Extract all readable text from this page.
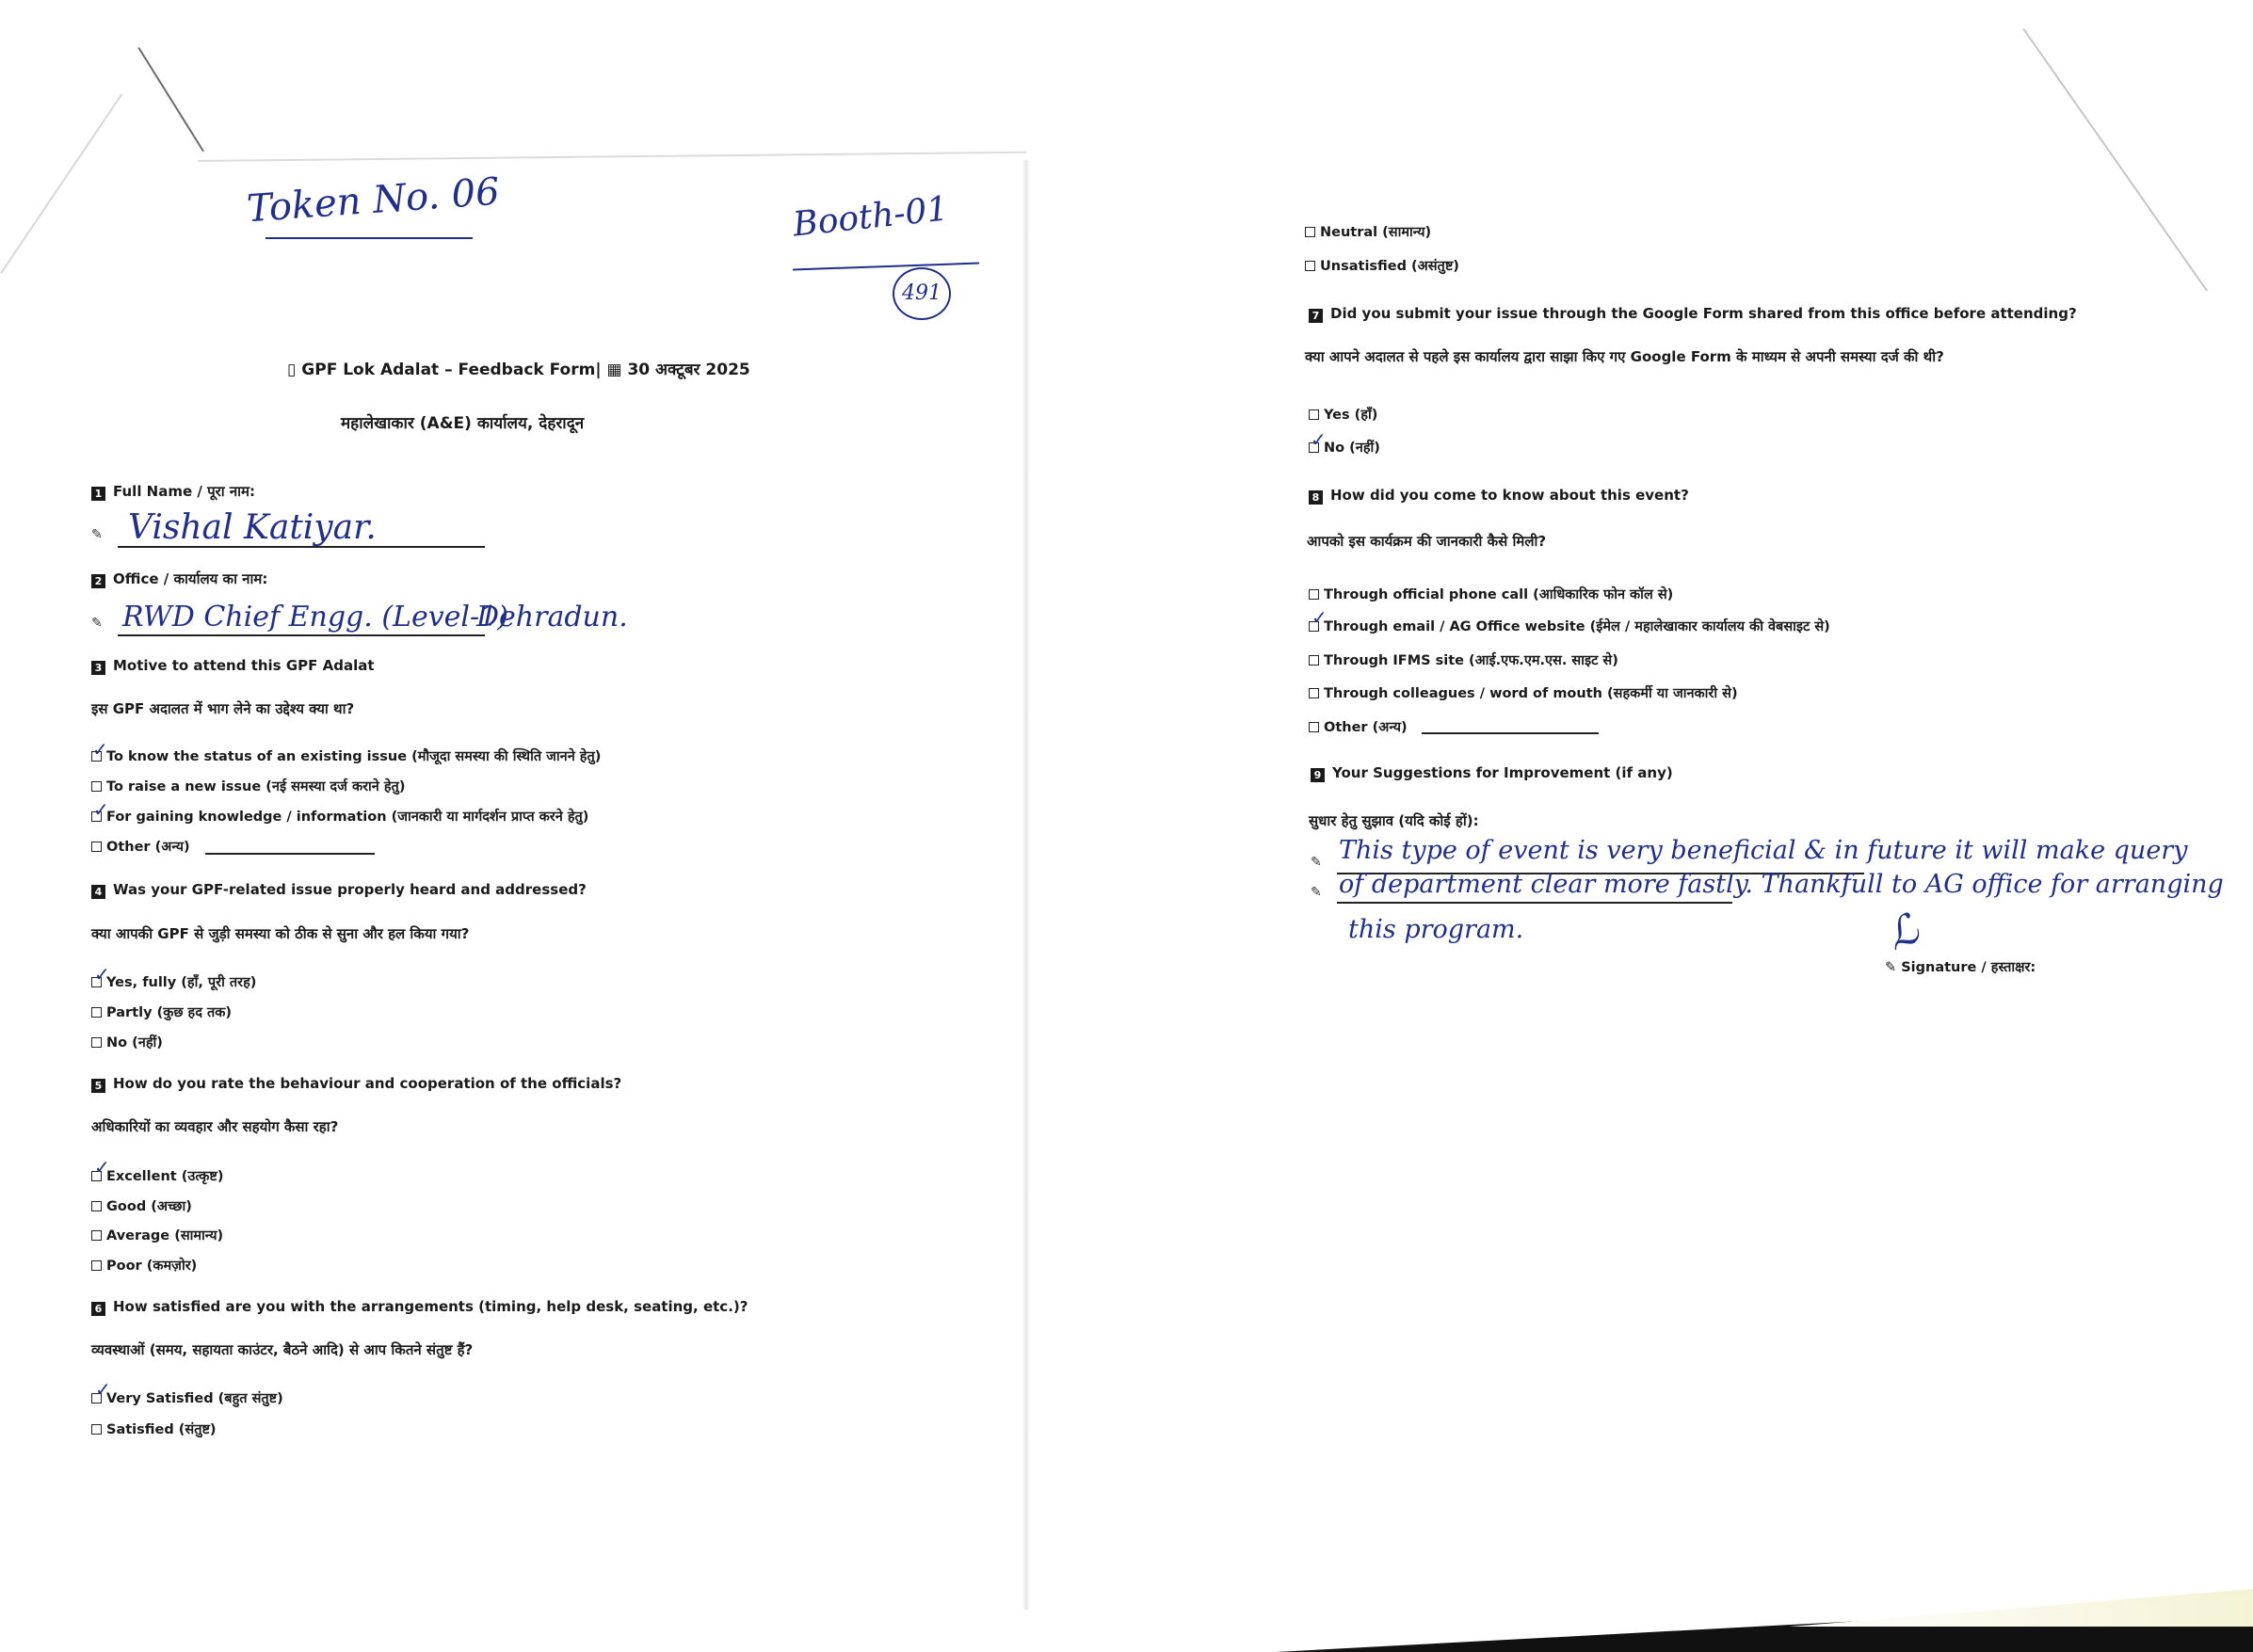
Token No. 06	Booth-01
491
▯ GPF Lok Adalat – Feedback Form| ▦ 30 अक्टूबर 2025
महालेखाकार (A&E) कार्यालय, देहरादून
1 Full Name / पूरा नाम:
✎ Vishal Katiyar.
2 Office / कार्यालय का नाम:
✎ RWD Chief Engg. (Level-1)
Dehradun.
3 Motive to attend this GPF Adalat
इस GPF अदालत में भाग लेने का उद्देश्य क्या था?
To know the status of an existing issue (मौजूदा समस्या की स्थिति जानने हेतु)
✓
To raise a new issue (नई समस्या दर्ज कराने हेतु)
For gaining knowledge / information (जानकारी या मार्गदर्शन प्राप्त करने हेतु)
✓
Other (अन्य)
4 Was your GPF-related issue properly heard and addressed?
क्या आपकी GPF से जुड़ी समस्या को ठीक से सुना और हल किया गया?
Yes, fully (हाँ, पूरी तरह)
✓
Partly (कुछ हद तक)
No (नहीं)
5 How do you rate the behaviour and cooperation of the officials?
अधिकारियों का व्यवहार और सहयोग कैसा रहा?
Excellent (उत्कृष्ट)
✓
Good (अच्छा)
Average (सामान्य)
Poor (कमज़ोर)
6 How satisfied are you with the arrangements (timing, help desk, seating, etc.)?
व्यवस्थाओं (समय, सहायता काउंटर, बैठने आदि) से आप कितने संतुष्ट हैं?
Very Satisfied (बहुत संतुष्ट)
✓
Satisfied (संतुष्ट)
Neutral (सामान्य)
Unsatisfied (असंतुष्ट)
7 Did you submit your issue through the Google Form shared from this office before attending?
क्या आपने अदालत से पहले इस कार्यालय द्वारा साझा किए गए Google Form के माध्यम से अपनी समस्या दर्ज की थी?
Yes (हाँ)
No (नहीं)
✓
8 How did you come to know about this event?
आपको इस कार्यक्रम की जानकारी कैसे मिली?
Through official phone call (आधिकारिक फोन कॉल से)
Through email / AG Office website (ईमेल / महालेखाकार कार्यालय की वेबसाइट से)
✓
Through IFMS site (आई.एफ.एम.एस. साइट से)
Through colleagues / word of mouth (सहकर्मी या जानकारी से)
Other (अन्य)
9 Your Suggestions for Improvement (if any)
सुधार हेतु सुझाव (यदि कोई हों):
✎
✎
This type of event is very beneficial & in future it will make query
of department clear more fastly. Thankfull to AG office for arranging
this program.	ℒ
✎ Signature / हस्ताक्षर:
